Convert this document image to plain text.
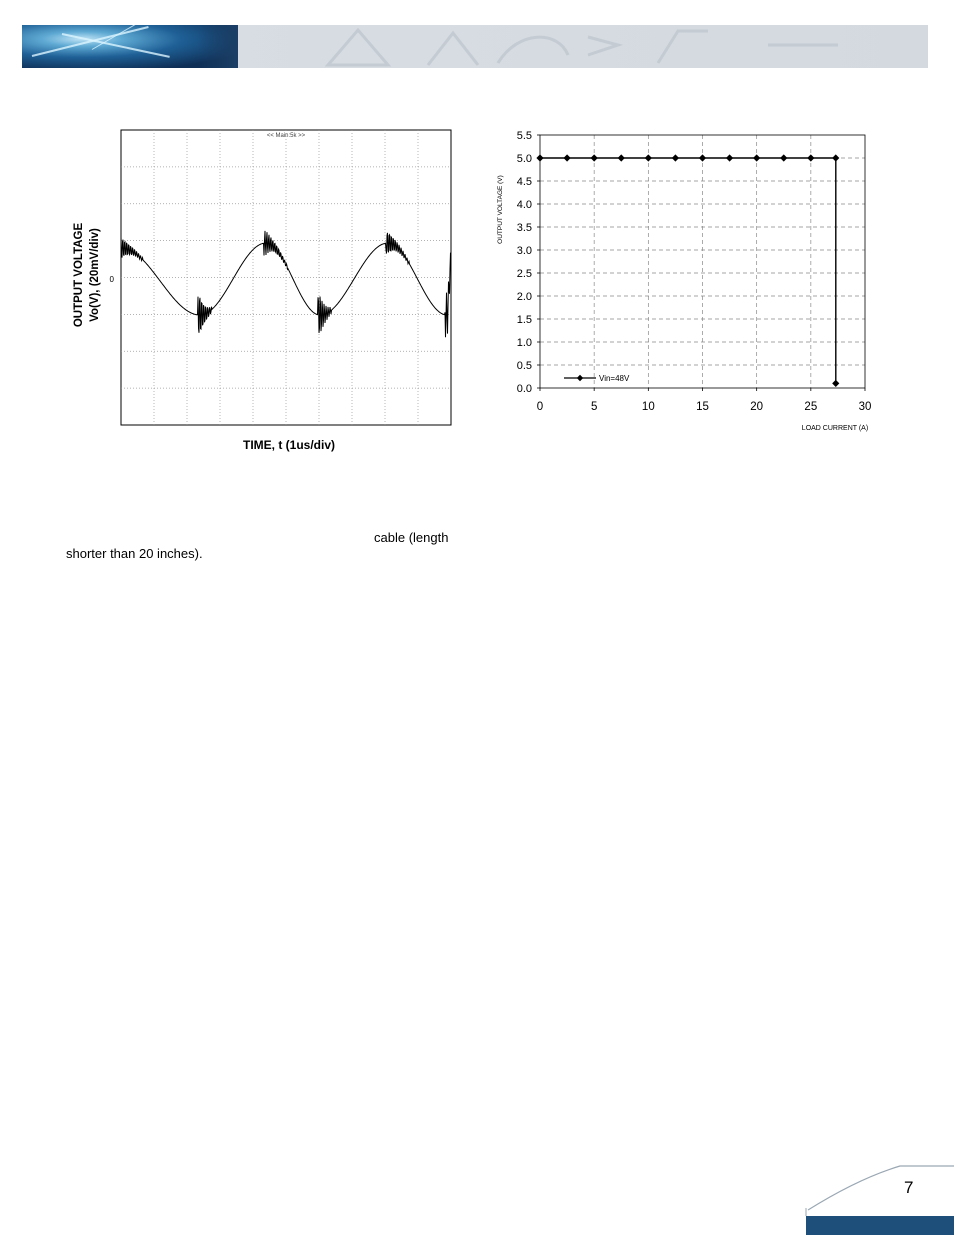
<< Main:5k >>
0
OUTPUT VOLTAGE Vo(V), (20mV/div)
TIME, t (1us/div)
0.0
0.5
1.0
1.5
2.0
2.5
3.0
3.5
4.0
4.5
5.0
5.5
0	5	10	15	20	25	30
Vin=48V
OUTPUT VOLTAGE (V)
LOAD CURRENT (A)
cable (length
shorter than 20 inches).
7
